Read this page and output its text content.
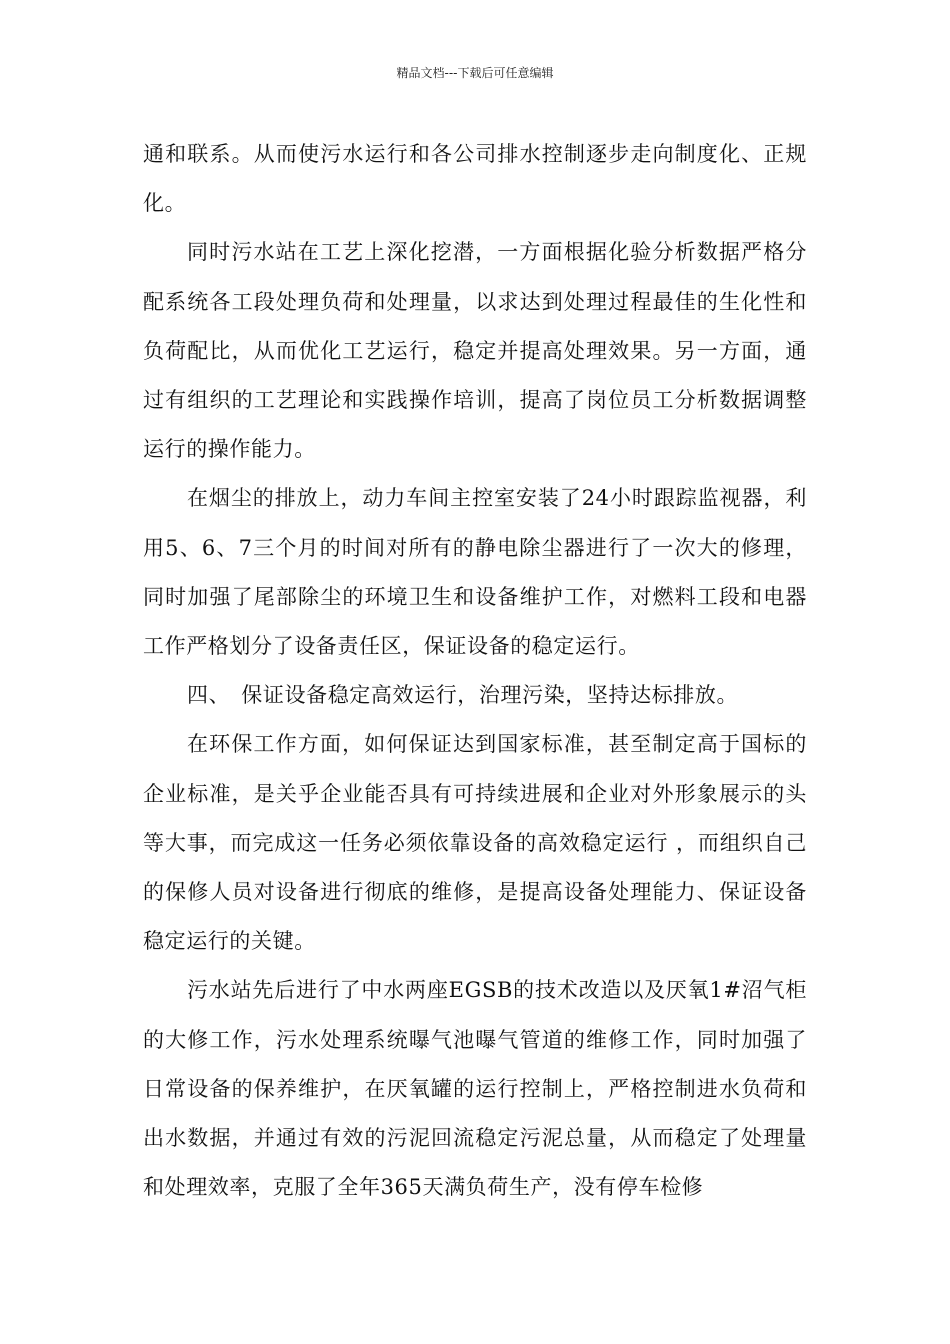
精品文档---下载后可任意编辑

通和联系。从而使污水运行和各公司排水控制逐步走向制度化、正规化。

同时污水站在工艺上深化挖潜，一方面根据化验分析数据严格分配系统各工段处理负荷和处理量，以求达到处理过程最佳的生化性和负荷配比，从而优化工艺运行，稳定并提高处理效果。另一方面，通过有组织的工艺理论和实践操作培训，提高了岗位员工分析数据调整运行的操作能力。

在烟尘的排放上，动力车间主控室安装了24小时跟踪监视器，利用5、6、7三个月的时间对所有的静电除尘器进行了一次大的修理，同时加强了尾部除尘的环境卫生和设备维护工作，对燃料工段和电器工作严格划分了设备责任区，保证设备的稳定运行。

四、　保证设备稳定高效运行，治理污染，坚持达标排放。

在环保工作方面，如何保证达到国家标准，甚至制定高于国标的企业标准，是关乎企业能否具有可持续进展和企业对外形象展示的头等大事，而完成这一任务必须依靠设备的高效稳定运行 ，而组织自己的保修人员对设备进行彻底的维修，是提高设备处理能力、保证设备稳定运行的关键。

污水站先后进行了中水两座EGSB的技术改造以及厌氧1#沼气柜的大修工作，污水处理系统曝气池曝气管道的维修工作，同时加强了日常设备的保养维护，在厌氧罐的运行控制上，严格控制进水负荷和出水数据，并通过有效的污泥回流稳定污泥总量，从而稳定了处理量和处理效率，克服了全年365天满负荷生产，没有停车检修
